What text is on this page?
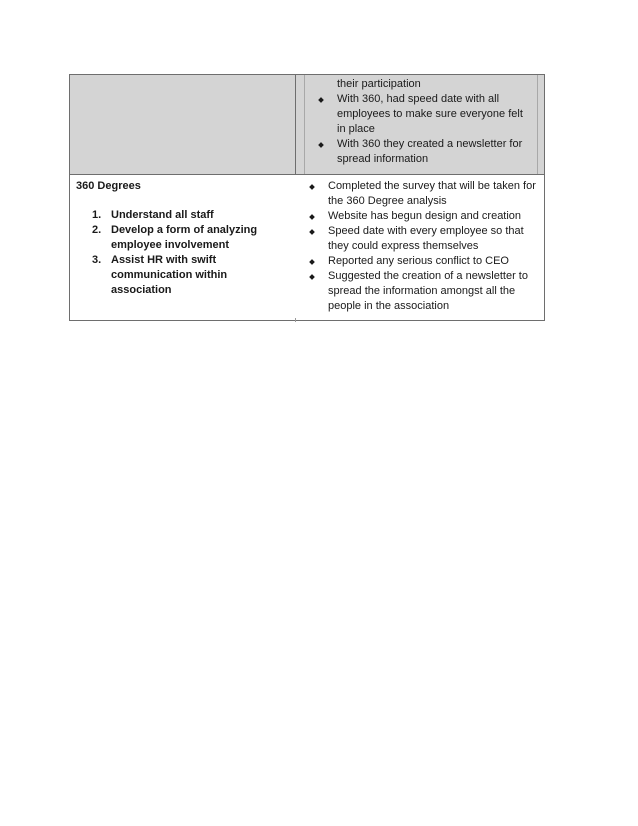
their participation
With 360, had speed date with all employees to make sure everyone felt in place
With 360 they created a newsletter for spread information
360 Degrees
1. Understand all staff
2. Develop a form of analyzing employee involvement
3. Assist HR with swift communication within association
Completed the survey that will be taken for the 360 Degree analysis
Website has begun design and creation
Speed date with every employee so that they could express themselves
Reported any serious conflict to CEO
Suggested the creation of a newsletter to spread the information amongst all the people in the association
